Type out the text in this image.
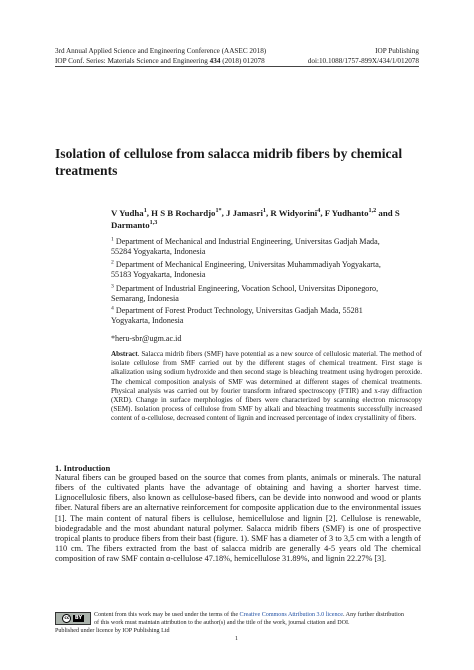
3rd Annual Applied Science and Engineering Conference (AASEC 2018)	IOP Publishing
IOP Conf. Series: Materials Science and Engineering 434 (2018) 012078	doi:10.1088/1757-899X/434/1/012078
Isolation of cellulose from salacca midrib fibers by chemical treatments
V Yudha$^1$, H S B Rochardjo$^{1*}$, J Jamasri$^1$, R Widyorini$^4$, F Yudhanto$^{1,2}$ and S Darmanto$^{1,3}$
$^1$ Department of Mechanical and Industrial Engineering, Universitas Gadjah Mada,
55284 Yogyakarta, Indonesia
$^2$ Department of Mechanical Engineering, Universitas Muhammadiyah Yogyakarta,
55183 Yogyakarta, Indonesia
$^3$ Department of Industrial Engineering, Vocation School, Universitas Diponegoro,
Semarang, Indonesia
$^4$ Department of Forest Product Technology, Universitas Gadjah Mada, 55281
Yogyakarta, Indonesia
*heru-sbr@ugm.ac.id
Abstract. Salacca midrib fibers (SMF) have potential as a new source of cellulosic material. The method of isolate cellulose from SMF carried out by the different stages of chemical treatment. First stage is alkalization using sodium hydroxide and then second stage is bleaching treatment using hydrogen peroxide. The chemical composition analysis of SMF was determined at different stages of chemical treatments. Physical analysis was carried out by fourier transform infrared spectroscopy (FTIR) and x-ray diffraction (XRD). Change in surface merphologies of fibers were characterized by scanning electron microscopy (SEM). Isolation process of cellulose from SMF by alkali and bleaching treatments successfully increased content of α-cellulose, decreased content of lignin and increased percentage of index crystallinity of fibers.
1. Introduction
Natural fibers can be grouped based on the source that comes from plants, animals or minerals. The natural fibers of the cultivated plants have the advantage of obtaining and having a shorter harvest time. Lignocellulosic fibers, also known as cellulose-based fibers, can be devide into nonwood and wood or plants fiber. Natural fibers are an alternative reinforcement for composite application due to the environmental issues [1]. The main content of natural fibers is cellulose, hemicellulose and lignin [2]. Cellulose is renewable, biodegradable and the most abundant natural polymer. Salacca midrib fibers (SMF) is one of prospective tropical plants to produce fibers from their bast (figure. 1). SMF has a diameter of 3 to 3,5 cm with a length of 110 cm. The fibers extracted from the bast of salacca midrib are generally 4-5 years old The chemical composition of raw SMF contain α-cellulose 47.18%, hemicellulose 31.89%, and lignin 22.27% [3].
cc	BY Content from this work may be used under the terms of the Creative Commons Attribution 3.0 licence. Any further distribution
of this work must maintain attribution to the author(s) and the title of the work, journal citation and DOI.
Published under licence by IOP Publishing Ltd
1
